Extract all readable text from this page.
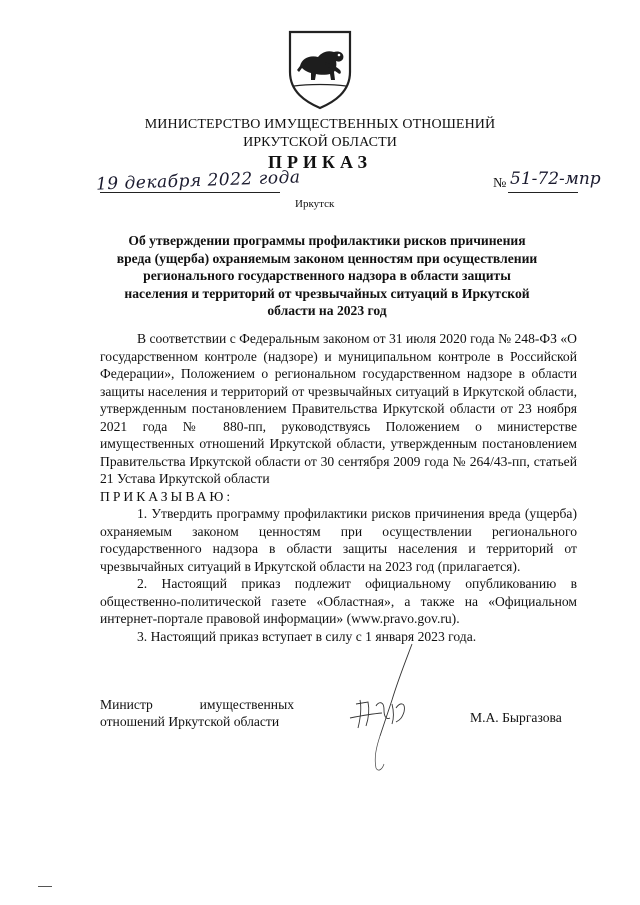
МИНИСТЕРСТВО ИМУЩЕСТВЕННЫХ ОТНОШЕНИЙ
ИРКУТСКОЙ ОБЛАСТИ
ПРИКАЗ
19 декабря 2022 года	№ 51-72-мпр
Иркутск
Об утверждении программы профилактики рисков причинения вреда (ущерба) охраняемым законом ценностям при осуществлении регионального государственного надзора в области защиты населения и территорий от чрезвычайных ситуаций в Иркутской области на 2023 год

В соответствии с Федеральным законом от 31 июля 2020 года № 248-ФЗ «О государственном контроле (надзоре) и муниципальном контроле в Российской Федерации», Положением о региональном государственном надзоре в области защиты населения и территорий от чрезвычайных ситуаций в Иркутской области, утвержденным постановлением Правительства Иркутской области от 23 ноября 2021 года № 880-пп, руководствуясь Положением о министерстве имущественных отношений Иркутской области, утвержденным постановлением Правительства Иркутской области от 30 сентября 2009 года № 264/43-пп, статьей 21 Устава Иркутской области

ПРИКАЗЫВАЮ:

1. Утвердить программу профилактики рисков причинения вреда (ущерба) охраняемым законом ценностям при осуществлении регионального государственного надзора в области защиты населения и территорий от чрезвычайных ситуаций в Иркутской области на 2023 год (прилагается).

2. Настоящий приказ подлежит официальному опубликованию в общественно-политической газете «Областная», а также на «Официальном интернет-портале правовой информации» (www.pravo.gov.ru).

3. Настоящий приказ вступает в силу с 1 января 2023 года.

Министр имущественных
отношений Иркутской области	М.А. Быргазова
